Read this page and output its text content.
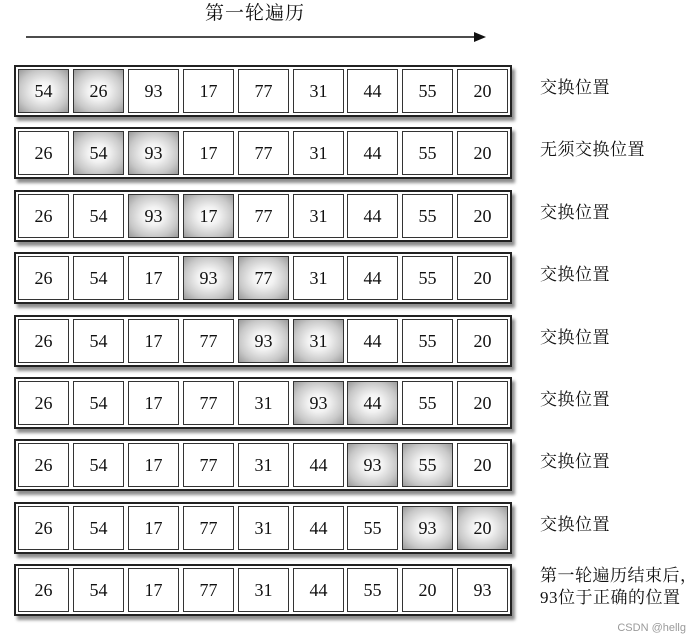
第一轮遍历
54	26	93	17	77	31	44	55	20	交换位置
26	54	93	17	77	31	44	55	20	无须交换位置
26	54	93	17	77	31	44	55	20	交换位置
26	54	17	93	77	31	44	55	20	交换位置
26	54	17	77	93	31	44	55	20	交换位置
26	54	17	77	31	93	44	55	20	交换位置
26	54	17	77	31	44	93	55	20	交换位置
26	54	17	77	31	44	55	93	20	交换位置
26	54	17	77	31	44	55	20	93
第一轮遍历结束后，
93位于正确的位置
CSDN @hellg
